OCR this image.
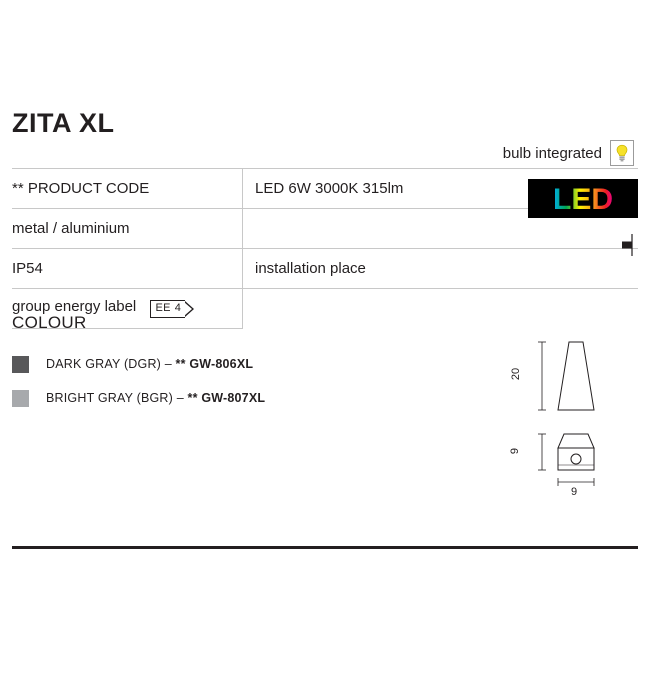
ZITA XL
bulb integrated
** PRODUCT CODE	LED 6W 3000K 315lm
metal / aluminium	
IP54	installation place
group energy label EE 4	

LED
COLOUR
DARK GRAY (DGR) – ** GW-806XL
BRIGHT GRAY (BGR) – ** GW-807XL
20
9
9
